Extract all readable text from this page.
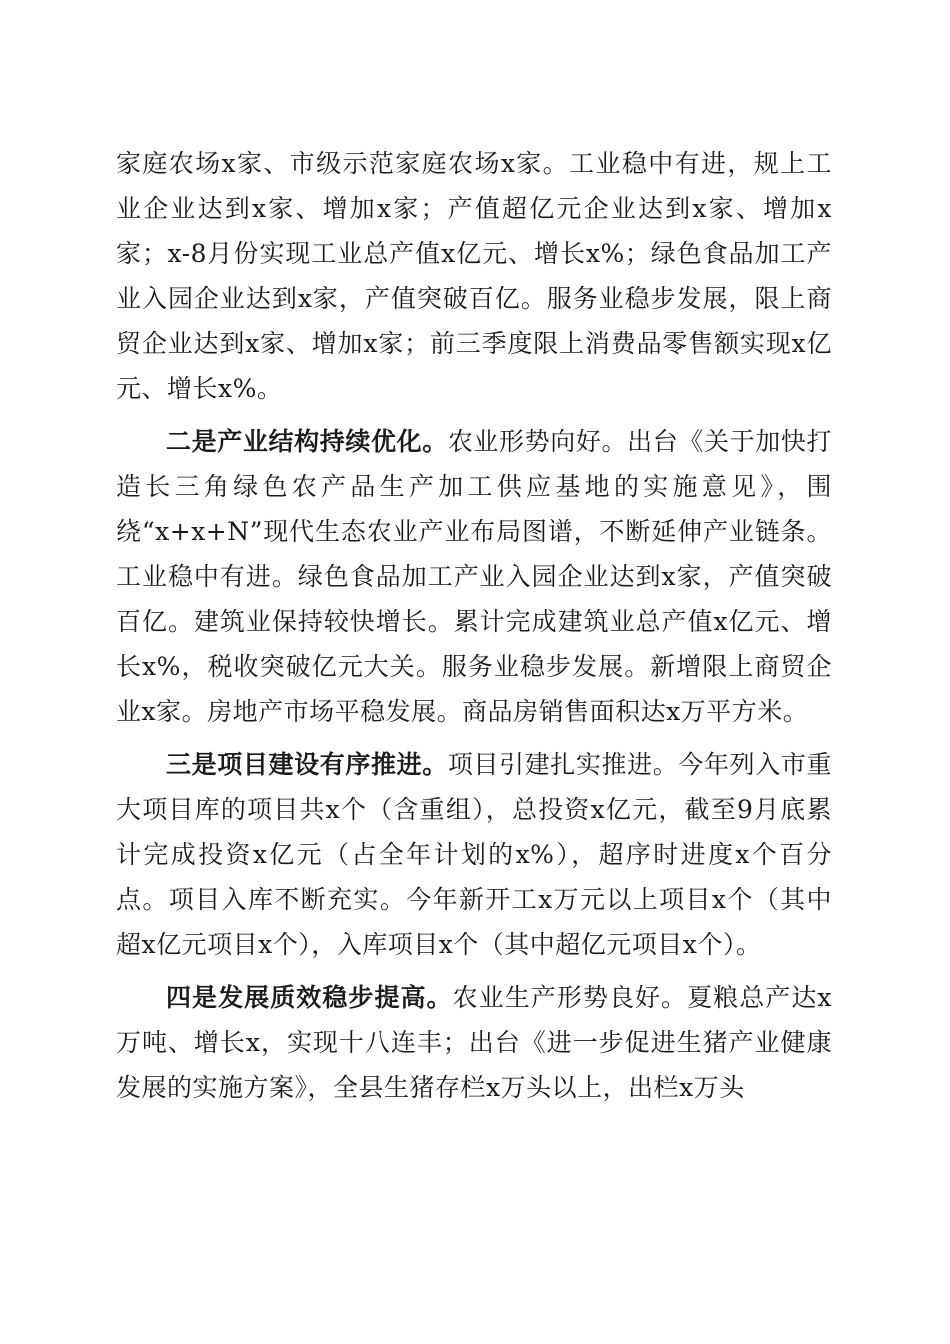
家庭农场x家、市级示范家庭农场x家。工业稳中有进，规上工业企业达到x家、增加x家；产值超亿元企业达到x家、增加x家；x-8月份实现工业总产值x亿元、增长x%；绿色食品加工产业入园企业达到x家，产值突破百亿。服务业稳步发展，限上商贸企业达到x家、增加x家；前三季度限上消费品零售额实现x亿元、增长x%。

二是产业结构持续优化。农业形势向好。出台《关于加快打造长三角绿色农产品生产加工供应基地的实施意见》，围绕“x+x+N”现代生态农业产业布局图谱，不断延伸产业链条。工业稳中有进。绿色食品加工产业入园企业达到x家，产值突破百亿。建筑业保持较快增长。累计完成建筑业总产值x亿元、增长x%，税收突破亿元大关。服务业稳步发展。新增限上商贸企业x家。房地产市场平稳发展。商品房销售面积达x万平方米。

三是项目建设有序推进。项目引建扎实推进。今年列入市重大项目库的项目共x个（含重组），总投资x亿元，截至9月底累计完成投资x亿元（占全年计划的x%），超序时进度x个百分点。项目入库不断充实。今年新开工x万元以上项目x个（其中超x亿元项目x个），入库项目x个（其中超亿元项目x个）。

四是发展质效稳步提高。农业生产形势良好。夏粮总产达x万吨、增长x，实现十八连丰；出台《进一步促进生猪产业健康发展的实施方案》，全县生猪存栏x万头以上，出栏x万头
